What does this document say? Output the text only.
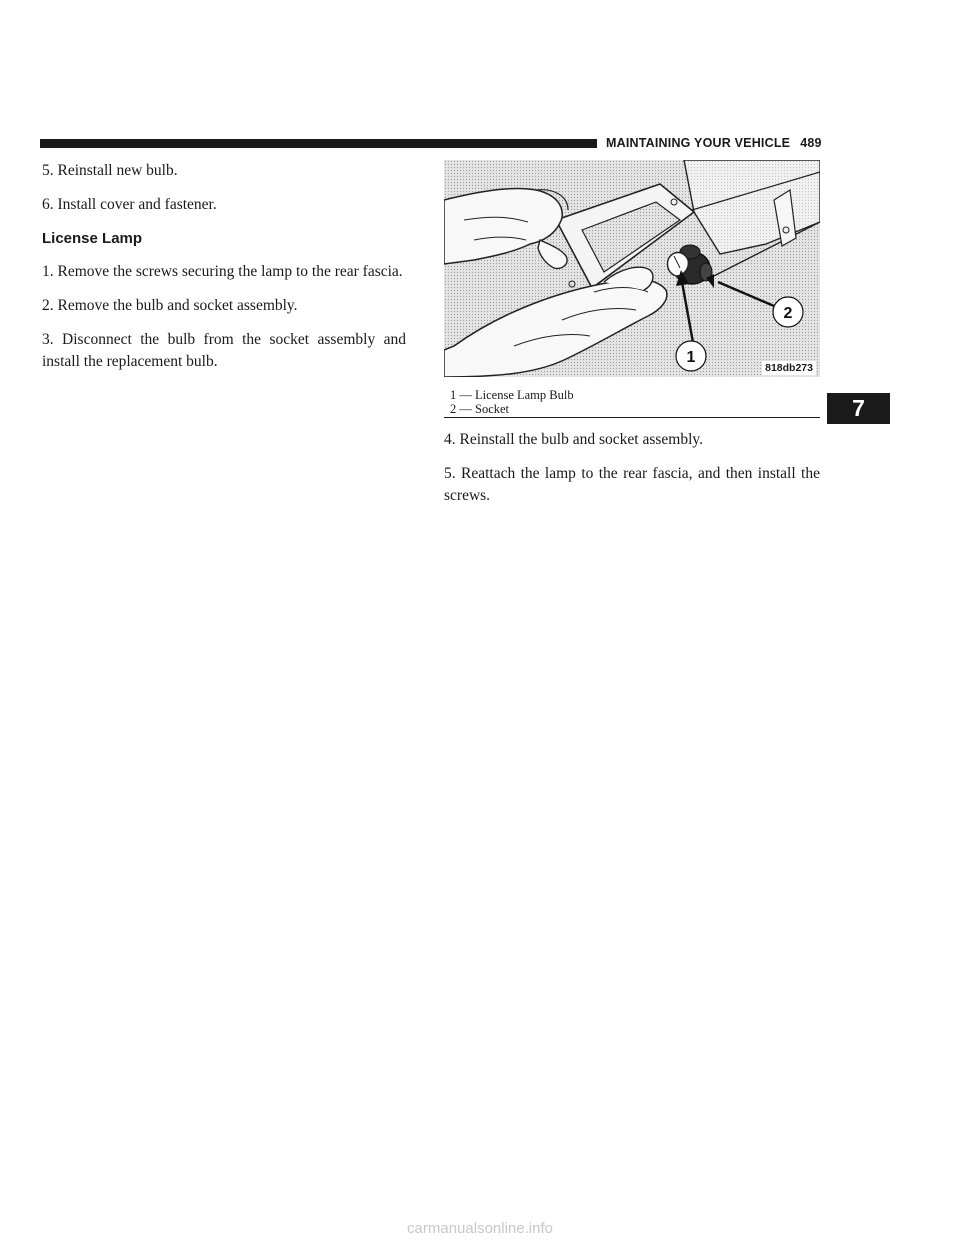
MAINTAINING YOUR VEHICLE 489

5. Reinstall new bulb.

6. Install cover and fastener.

License Lamp

1. Remove the screws securing the lamp to the rear fascia.

2. Remove the bulb and socket assembly.

3. Disconnect the bulb from the socket assembly and install the replacement bulb.

2
1
818db273
1 — License Lamp Bulb
2 — Socket

4. Reinstall the bulb and socket assembly.

5. Reattach the lamp to the rear fascia, and then install the screws.

7
carmanualsonline.info
